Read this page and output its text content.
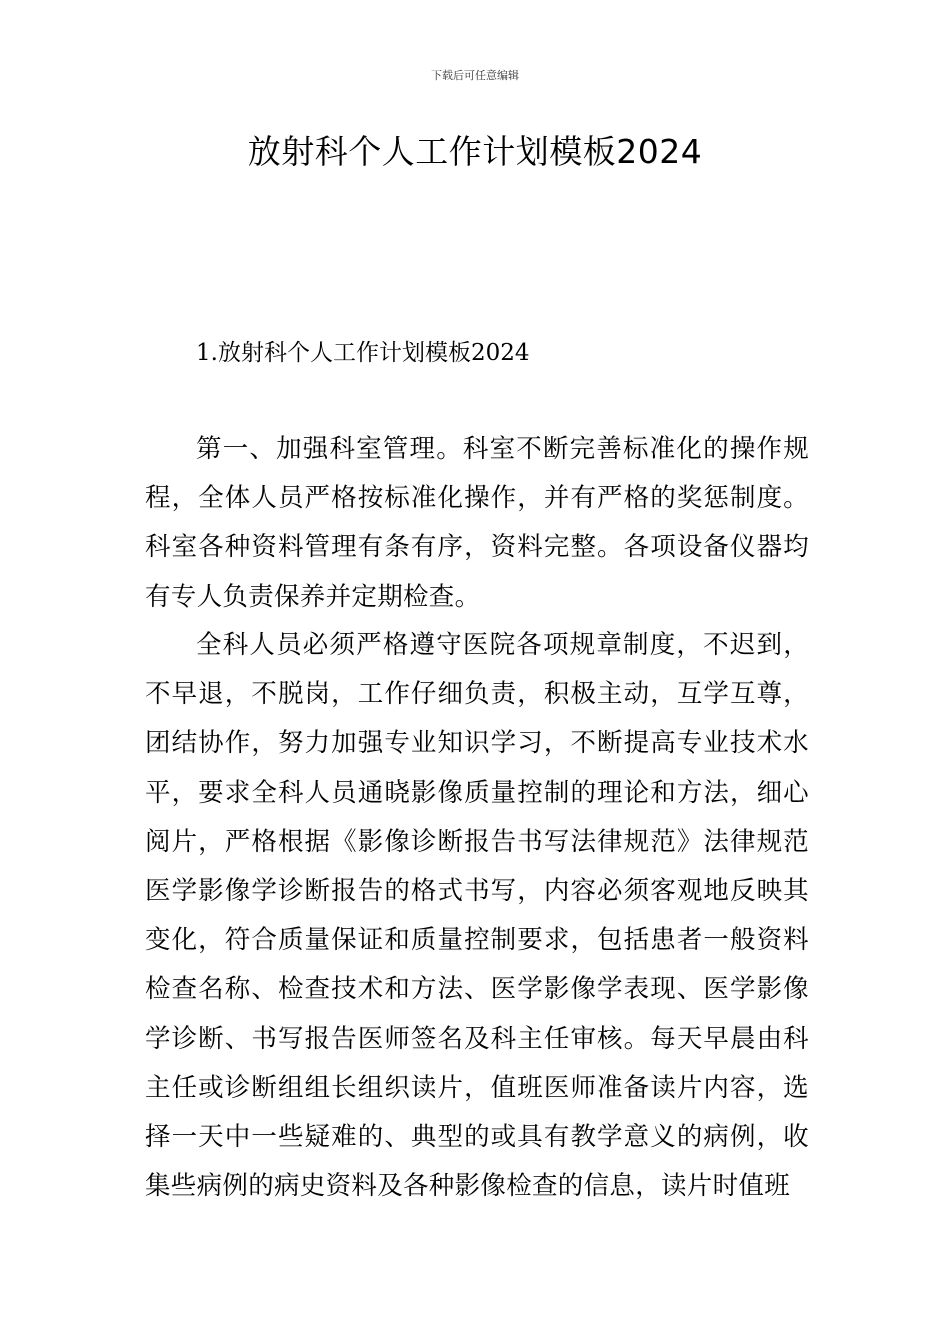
下载后可任意编辑
放射科个人工作计划模板2024
1.放射科个人工作计划模板2024

第一、加强科室管理。科室不断完善标准化的操作规程，全体人员严格按标准化操作，并有严格的奖惩制度。科室各种资料管理有条有序，资料完整。各项设备仪器均有专人负责保养并定期检查。

全科人员必须严格遵守医院各项规章制度，不迟到，不早退，不脱岗，工作仔细负责，积极主动，互学互尊，团结协作，努力加强专业知识学习，不断提高专业技术水平，要求全科人员通晓影像质量控制的理论和方法，细心阅片，严格根据《影像诊断报告书写法律规范》法律规范医学影像学诊断报告的格式书写，内容必须客观地反映其变化，符合质量保证和质量控制要求，包括患者一般资料检查名称、检查技术和方法、医学影像学表现、医学影像学诊断、书写报告医师签名及科主任审核。每天早晨由科主任或诊断组组长组织读片，值班医师准备读片内容，选择一天中一些疑难的、典型的或具有教学意义的病例，收集些病例的病史资料及各种影像检查的信息，读片时值班
